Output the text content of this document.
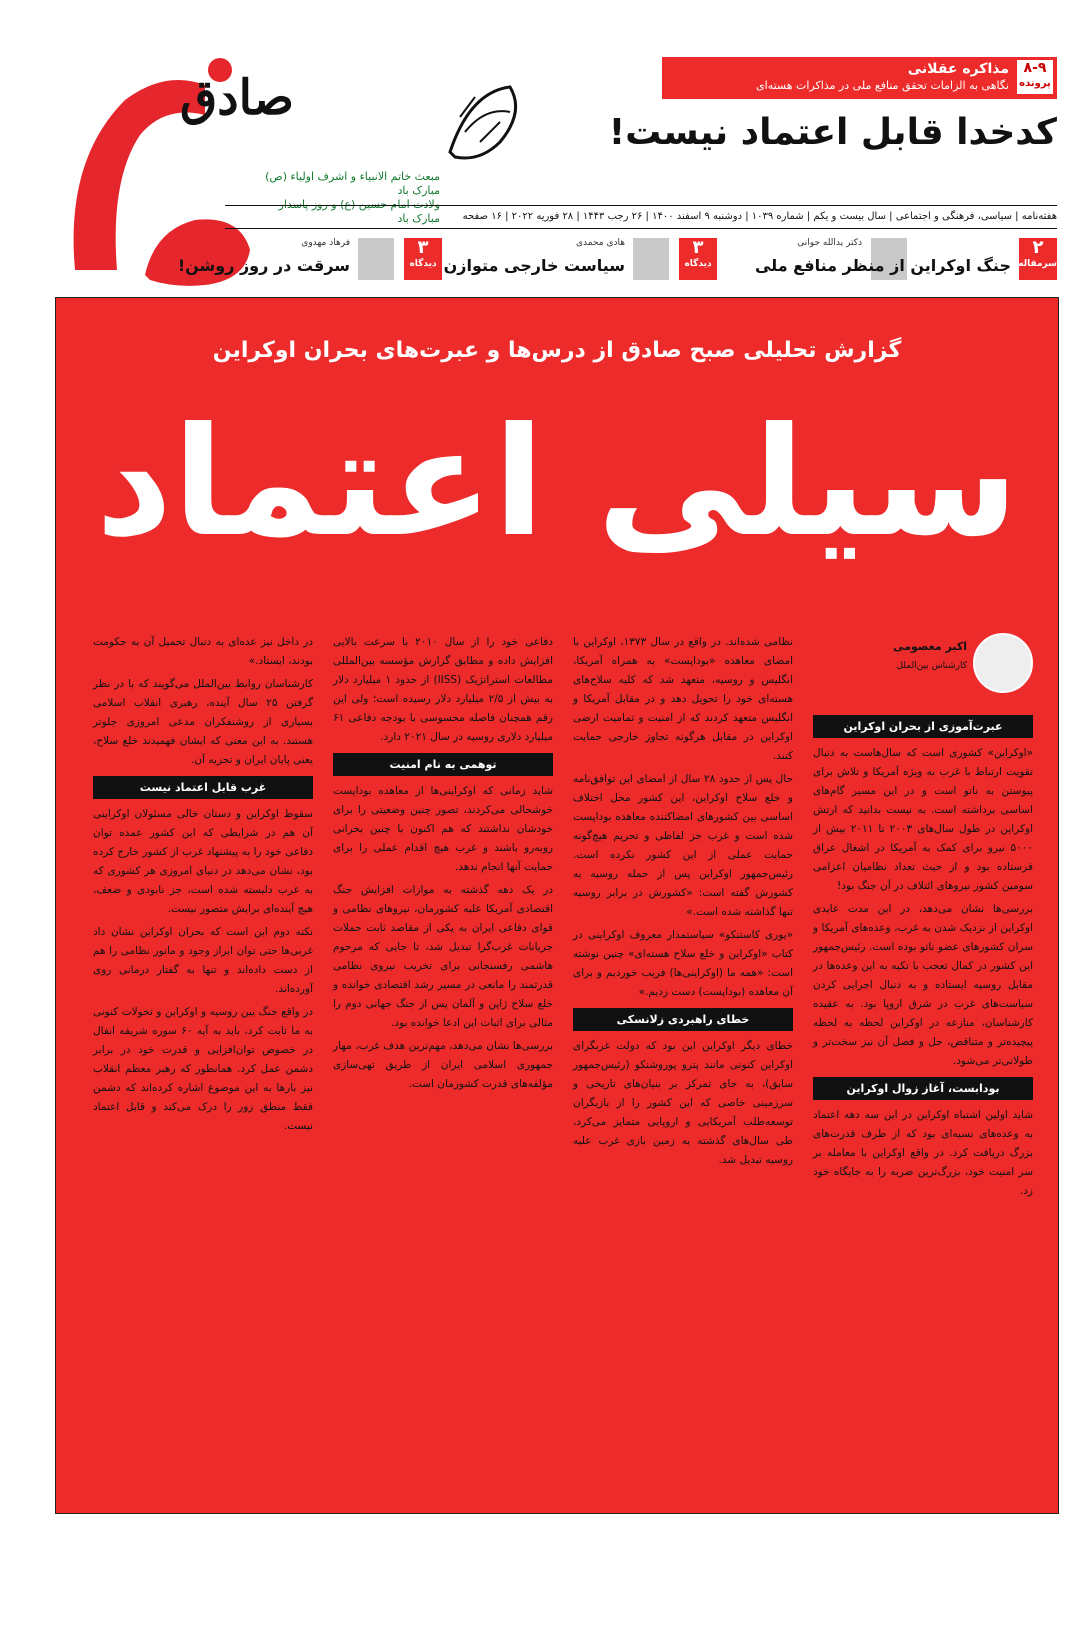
صادق
مبعث خاتم الانبیاء و اشرف اولیاء (ص) مبارک باد
ولادت امام حسین (ع) و روز پاسدار مبارک باد
۸-۹
پرونده
مذاکره عقلانی
نگاهی به الزامات تحقق منافع ملی در مذاکرات هسته‌ای
کدخدا قابل اعتماد نیست!
هفته‌نامه | سیاسی، فرهنگی و اجتماعی | سال بیست و یکم | شماره ۱۰۳۹ | دوشنبه ۹ اسفند ۱۴۰۰ | ۲۶ رجب ۱۴۴۳ | ۲۸ فوریه ۲۰۲۲ | ۱۶ صفحه
۲
سرمقاله
دکتر یدالله جوانی
جنگ اوکراین از منظر منافع ملی
۳
دیدگاه
هادی محمدی
سیاست خارجی متوازن
۳
دیدگاه
فرهاد مهدوی
سرقت در روز روشن!
گزارش تحلیلی صبح صادق از درس‌ها و عبرت‌های بحران اوکراین
سیلی اعتماد
اکبر معصومی
کارشناس بین‌الملل
عبرت‌آموزی از بحران اوکراین

«اوکراین» کشوری است که سال‌هاست به دنبال تقویت ارتباط با غرب به ویژه آمریکا و تلاش برای پیوستن به ناتو است و در این مسیر گام‌های اساسی برداشته است. به نیست بدانید که ارتش اوکراین در طول سال‌های ۲۰۰۳ تا ۲۰۱۱ بیش از ۵۰۰۰ نیرو برای کمک به آمریکا در اشغال عراق فرستاده بود و از حیث تعداد نظامیان اعزامی سومین کشور نیروهای ائتلاف در آن جنگ بود!

بررسی‌ها نشان می‌دهد، در این مدت عایدی اوکراین از نزدیک شدن به غرب، وعده‌های آمریکا و سران کشورهای عضو ناتو بوده است. رئیس‌جمهور این کشور در کمال تعجب با تکیه به این وعده‌ها در مقابل روسیه ایستاده و به دنبال اجرایی کردن سیاست‌های غرب در شرق اروپا بود. به عقیده کارشناسان، منازعه در اوکراین لحظه به لحظه پیچیده‌تر و متناقض، حل و فصل آن نیز سخت‌تر و طولانی‌تر می‌شود.

بودابست، آغاز زوال اوکراین

شاید اولین اشتباه اوکراین در این سه دهه اعتماد به وعده‌های نسیه‌ای بود که از طرف قدرت‌های بزرگ دریافت کرد. در واقع اوکراین با معامله بر سر امنیت خود، بزرگ‌ترین ضربه را به جایگاه خود زد.

نظامی شده‌اند. در واقع در سال ۱۳۷۳، اوکراین با امضای معاهده «بوداپست» به همراه آمریکا، انگلیس و روسیه، متعهد شد که کلیه سلاح‌های هسته‌ای خود را تحویل دهد و در مقابل آمریکا و انگلیس متعهد کردند که از امنیت و تمامیت ارضی اوکراین در مقابل هرگونه تجاوز خارجی حمایت کنند.

حال پس از حدود ۲۸ سال از امضای این توافق‌نامه و خلع سلاح اوکراین، این کشور محل اختلاف اساسی بین کشورهای امضاکننده معاهده بوداپست شده است و غرب جز لفاظی و تحریم هیچ‌گونه حمایت عملی از این کشور نکرده است. رئیس‌جمهور اوکراین پس از حمله روسیه به کشورش گفته است: «کشورش در برابر روسیه تنها گذاشته شده است.»

«یوری کاستنکو» سیاستمدار معروف اوکراینی در کتاب «اوکراین و خلع سلاح هسته‌ای» چنین نوشته است: «همه ما (اوکراینی‌ها) فریب خوردیم و برای آن معاهده (بوداپست) دست زدیم.»

خطای راهبردی زلانسکی

خطای دیگر اوکراین این بود که دولت غربگرای اوکراین کنونی مانند پترو پوروشنکو (رئیس‌جمهور سابق)، به جای تمرکز بر بنیان‌های تاریخی و سرزمینی خاصی که این کشور را از بازیگران توسعه‌طلب آمریکایی و اروپایی متمایز می‌کرد، طی سال‌های گذشته به زمین بازی غرب علیه روسیه تبدیل شد.

دفاعی خود را از سال ۲۰۱۰ با سرعت بالایی افزایش داده و مطابق گزارش مؤسسه بین‌المللی مطالعات استراتژیک (IISS) از حدود ۱ میلیارد دلار به بیش از ۲/۵ میلیارد دلار رسیده است؛ ولی این رقم همچنان فاصله محسوسی با بودجه دفاعی ۶۱ میلیارد دلاری روسیه در سال ۲۰۲۱ دارد.

توهمی به نام امنیت

شاید زمانی که اوکراینی‌ها از معاهده بوداپست خوشحالی می‌کردند، تصور چنین وضعیتی را برای خودشان نداشتند که هم اکنون با چنین بحرانی روبه‌رو باشند و غرب هیچ اقدام عملی را برای حمایت آنها انجام ندهد.

در یک دهه گذشته به موازات افزایش جنگ اقتصادی آمریکا علیه کشورمان، نیروهای نظامی و قوای دفاعی ایران به یکی از مقاصد ثابت حملات جریانات غرب‌گرا تبدیل شد، تا جایی که مرحوم هاشمی رفسنجانی برای تخریب نیروی نظامی قدرتمند را مانعی در مسیر رشد اقتصادی خوانده و خلع سلاح ژاپن و آلمان پس از جنگ جهانی دوم را مثالی برای اثبات این ادعا خوانده بود.

بررسی‌ها نشان می‌دهد، مهم‌ترین هدف غرب، مهار جمهوری اسلامی ایران از طریق تهی‌سازی مؤلفه‌های قدرت کشورمان است.

در داخل نیز عده‌ای به دنبال تحمیل آن به حکومت بودند، ایستاد.»

کارشناسان روابط بین‌الملل می‌گویند که با در نظر گرفتن ۲۵ سال آینده، رهبری انقلاب اسلامی بسیاری از روشنفکران مدعی امروزی جلوتر هستند. به این معنی که ایشان فهمیدند خلع سلاح، یعنی پایان ایران و تجزیه آن.

غرب قابل اعتماد نیست

سقوط اوکراین و دستان خالی مسئولان اوکراینی آن هم در شرایطی که این کشور عمده توان دفاعی خود را به پیشنهاد غرب از کشور خارج کرده بود، نشان می‌دهد در دنیای امروزی هر کشوری که به غرب دلبسته شده است، جز نابودی و ضعف، هیچ آینده‌ای برایش متصور نیست.

نکته دوم این است که بحران اوکراین نشان داد غربی‌ها حتی توان ابراز وجود و مانور نظامی را هم از دست داده‌اند و تنها به گفتار درمانی روی آورده‌اند.

در واقع جنگ بین روسیه و اوکراین و تحولات کنونی به ما ثابت کرد، باید به آیه ۶۰ سوره شریفه انفال در خصوص توان‌افزایی و قدرت خود در برابر دشمن عمل کرد. همانطور که رهبر معظم انقلاب نیز بارها به این موضوع اشاره کرده‌اند که دشمن فقط منطق زور را درک می‌کند و قابل اعتماد نیست.
